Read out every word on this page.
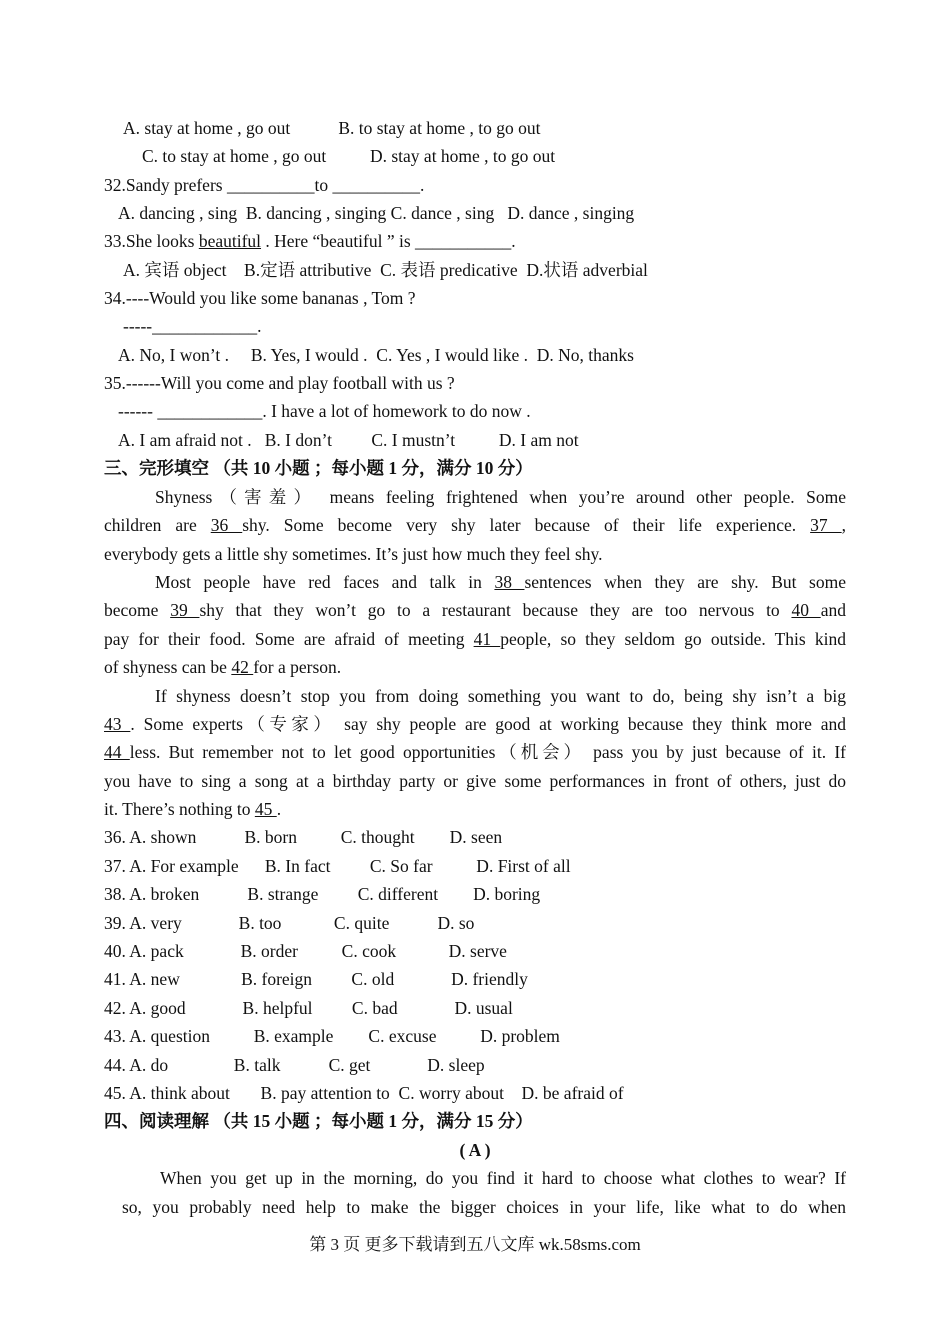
A. stay at home , go out           B. to stay at home , to go out
C. to stay at home , go out          D. stay at home , to go out
32.Sandy prefers __________to __________.
A. dancing , sing  B. dancing , singing C. dance , sing   D. dance , singing
33.She looks beautiful . Here “beautiful ” is ___________.
A. 宾语 object    B.定语 attributive  C. 表语 predicative  D.状语 adverbial
34.----Would you like some bananas , Tom ?
-----____________.
A. No, I won’t .     B. Yes, I would .  C. Yes , I would like .  D. No, thanks
35.------Will you come and play football with us ?
------ ____________. I have a lot of homework to do now .
A. I am afraid not .   B. I don’t         C. I mustn’t          D. I am not
三、完形填空 （共 10 小题 ；每小题 1 分，满分 10 分）
Shyness（害羞） means feeling frightened when you’re around other people. Some
children are 36 shy. Some become very shy later because of their life experience. 37 ,
everybody gets a little shy sometimes. It’s just how much they feel shy.
Most people have red faces and talk in 38 sentences when they are shy. But some
become 39 shy that they won’t go to a restaurant because they are too nervous to 40 and
pay for their food. Some are afraid of meeting 41 people, so they seldom go outside. This kind
of shyness can be 42 for a person.
If shyness doesn’t stop you from doing something you want to do, being shy isn’t a big
43 . Some experts（专家） say shy people are good at working because they think more and
44 less. But remember not to let good opportunities（机会） pass you by just because of it. If
you have to sing a song at a birthday party or give some performances in front of others, just do
it. There’s nothing to 45 .
36. A. shown           B. born          C. thought        D. seen
37. A. For example      B. In fact         C. So far          D. First of all
38. A. broken           B. strange         C. different        D. boring
39. A. very             B. too            C. quite           D. so
40. A. pack             B. order          C. cook            D. serve
41. A. new              B. foreign         C. old             D. friendly
42. A. good             B. helpful         C. bad             D. usual
43. A. question          B. example        C. excuse          D. problem
44. A. do               B. talk           C. get             D. sleep
45. A. think about       B. pay attention to  C. worry about    D. be afraid of
四、阅读理解 （共 15 小题 ；每小题 1 分，满分 15 分）
( A )
When you get up in the morning, do you find it hard to choose what clothes to wear? If
so, you probably need help to make the bigger choices in your life, like what to do when
第 3 页 更多下载请到五八文库 wk.58sms.com
